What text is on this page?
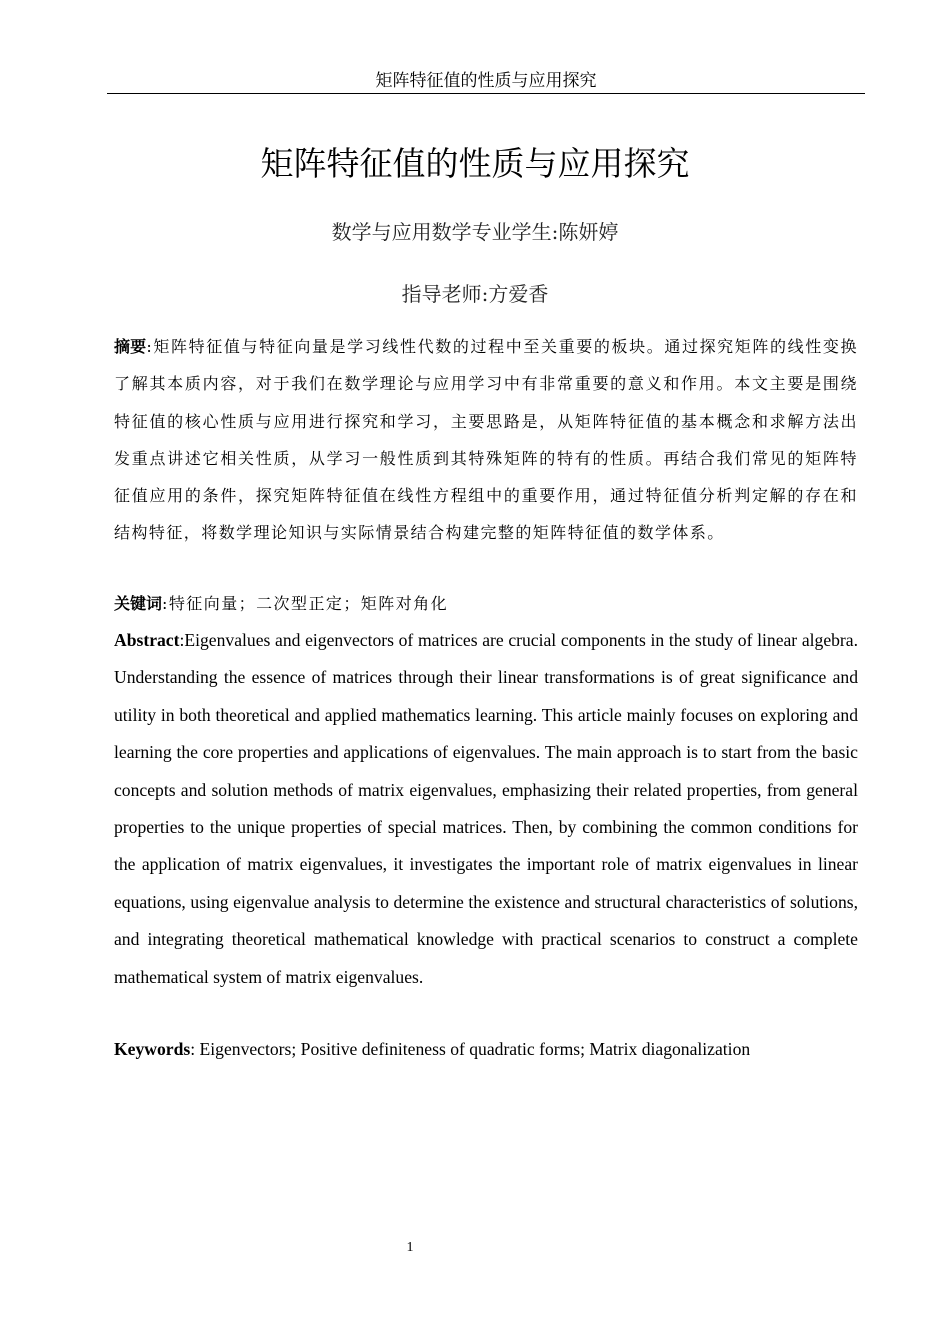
矩阵特征值的性质与应用探究
矩阵特征值的性质与应用探究
数学与应用数学专业学生:陈妍婷
指导老师:方爱香
摘要:矩阵特征值与特征向量是学习线性代数的过程中至关重要的板块。通过探究矩阵的线性变换了解其本质内容，对于我们在数学理论与应用学习中有非常重要的意义和作用。本文主要是围绕特征值的核心性质与应用进行探究和学习，主要思路是，从矩阵特征值的基本概念和求解方法出发重点讲述它相关性质，从学习一般性质到其特殊矩阵的特有的性质。再结合我们常见的矩阵特征值应用的条件，探究矩阵特征值在线性方程组中的重要作用，通过特征值分析判定解的存在和结构特征，将数学理论知识与实际情景结合构建完整的矩阵特征值的数学体系。
关键词:特征向量；二次型正定；矩阵对角化
Abstract:Eigenvalues and eigenvectors of matrices are crucial components in the study of linear algebra. Understanding the essence of matrices through their linear transformations is of great significance and utility in both theoretical and applied mathematics learning. This article mainly focuses on exploring and learning the core properties and applications of eigenvalues. The main approach is to start from the basic concepts and solution methods of matrix eigenvalues, emphasizing their related properties, from general properties to the unique properties of special matrices. Then, by combining the common conditions for the application of matrix eigenvalues, it investigates the important role of matrix eigenvalues in linear equations, using eigenvalue analysis to determine the existence and structural characteristics of solutions, and integrating theoretical mathematical knowledge with practical scenarios to construct a complete mathematical system of matrix eigenvalues.
Keywords: Eigenvectors; Positive definiteness of quadratic forms; Matrix diagonalization
1
